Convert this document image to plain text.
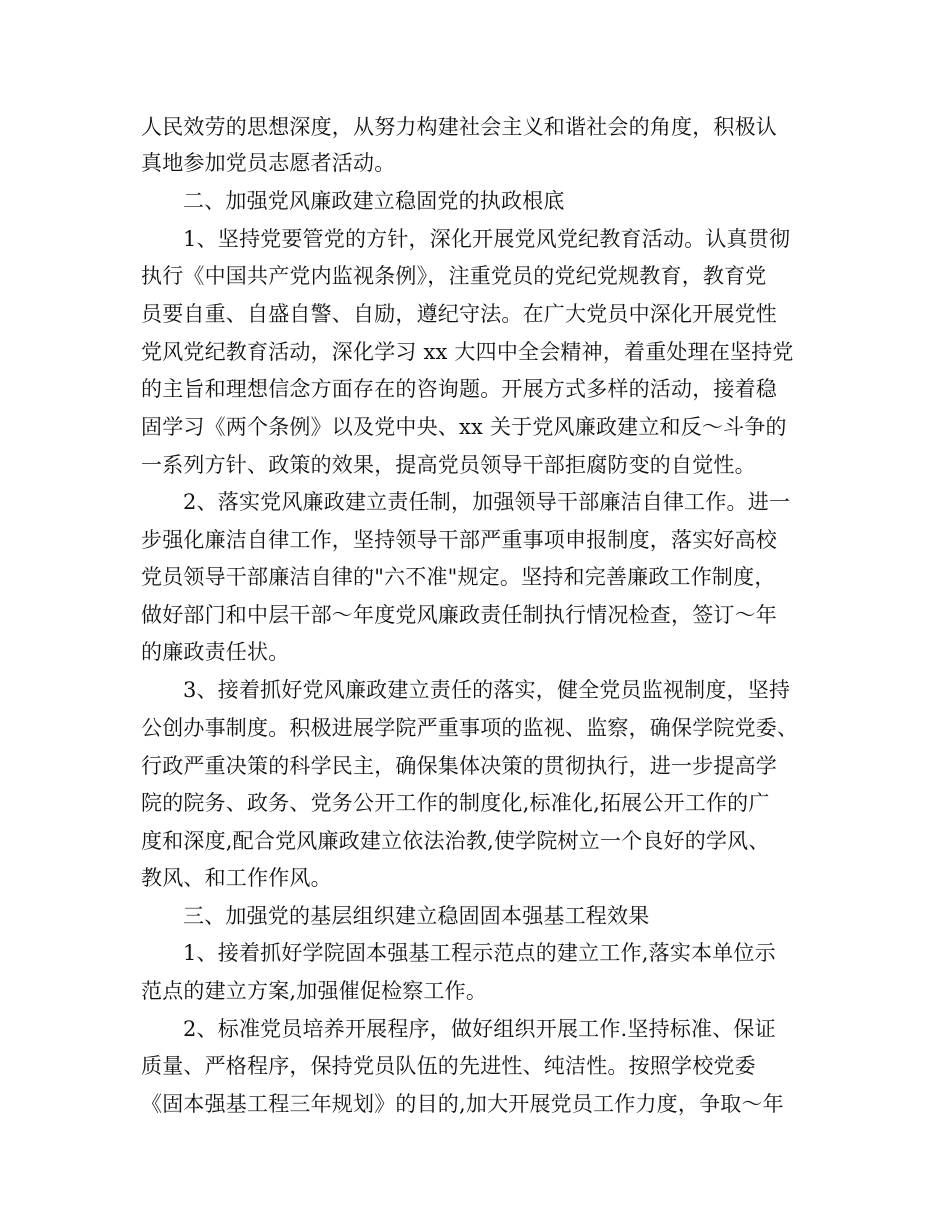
人民效劳的思想深度，从努力构建社会主义和谐社会的角度，积极认
真地参加党员志愿者活动。
二、加强党风廉政建立稳固党的执政根底
1、坚持党要管党的方针，深化开展党风党纪教育活动。认真贯彻
执行《中国共产党内监视条例》，注重党员的党纪党规教育，教育党
员要自重、自盛自警、自励，遵纪守法。在广大党员中深化开展党性
党风党纪教育活动，深化学习 xx 大四中全会精神，着重处理在坚持党
的主旨和理想信念方面存在的咨询题。开展方式多样的活动，接着稳
固学习《两个条例》以及党中央、xx 关于党风廉政建立和反～斗争的
一系列方针、政策的效果，提高党员领导干部拒腐防变的自觉性。
2、落实党风廉政建立责任制，加强领导干部廉洁自律工作。进一
步强化廉洁自律工作，坚持领导干部严重事项申报制度，落实好高校
党员领导干部廉洁自律的"六不准"规定。坚持和完善廉政工作制度，
做好部门和中层干部～年度党风廉政责任制执行情况检查，签订～年
的廉政责任状。
3、接着抓好党风廉政建立责任的落实，健全党员监视制度，坚持
公创办事制度。积极进展学院严重事项的监视、监察，确保学院党委、
行政严重决策的科学民主，确保集体决策的贯彻执行，进一步提高学
院的院务、政务、党务公开工作的制度化,标准化,拓展公开工作的广
度和深度,配合党风廉政建立依法治教,使学院树立一个良好的学风、
教风、和工作作风。
三、加强党的基层组织建立稳固固本强基工程效果
1、接着抓好学院固本强基工程示范点的建立工作,落实本单位示
范点的建立方案,加强催促检察工作。
2、标准党员培养开展程序，做好组织开展工作.坚持标准、保证
质量、严格程序，保持党员队伍的先进性、纯洁性。按照学校党委
《固本强基工程三年规划》的目的,加大开展党员工作力度，争取～年
